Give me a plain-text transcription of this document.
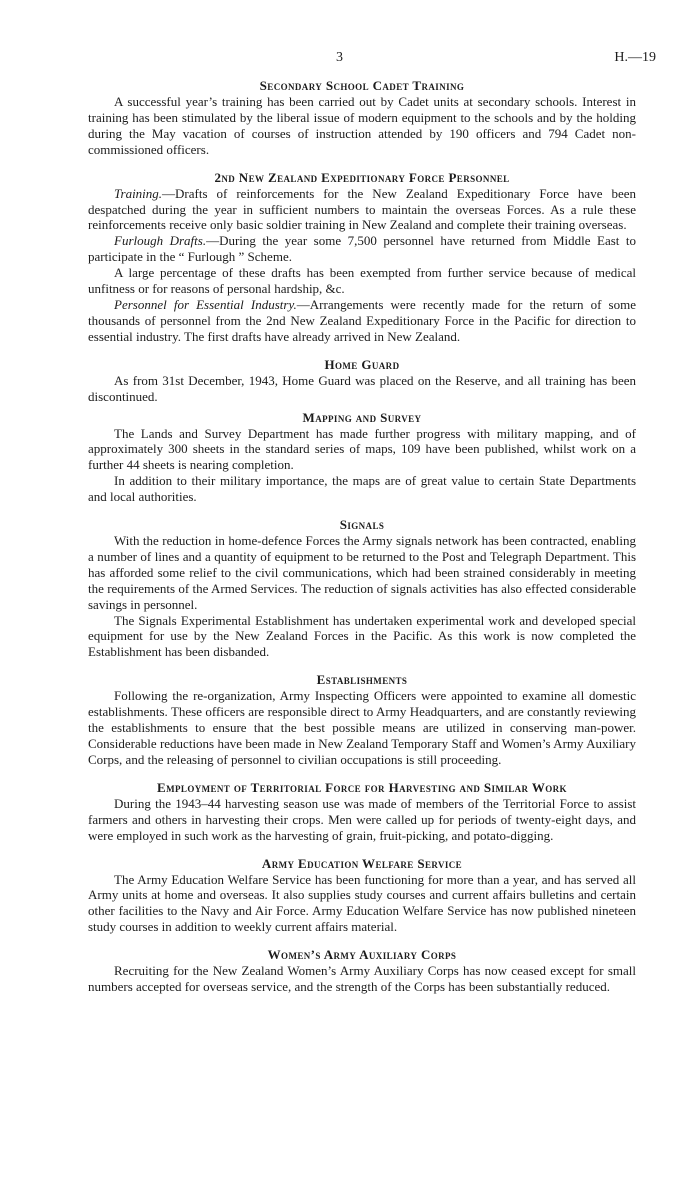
3	H.—19
Secondary School Cadet Training

A successful year’s training has been carried out by Cadet units at secondary schools. Interest in training has been stimulated by the liberal issue of modern equipment to the schools and by the holding during the May vacation of courses of instruction attended by 190 officers and 794 Cadet non-commissioned officers.

2nd New Zealand Expeditionary Force Personnel

Training.—Drafts of reinforcements for the New Zealand Expeditionary Force have been despatched during the year in sufficient numbers to maintain the overseas Forces. As a rule these reinforcements receive only basic soldier training in New Zealand and complete their training overseas.

Furlough Drafts.—During the year some 7,500 personnel have returned from Middle East to participate in the “ Furlough ” Scheme.

A large percentage of these drafts has been exempted from further service because of medical unfitness or for reasons of personal hardship, &c.

Personnel for Essential Industry.—Arrangements were recently made for the return of some thousands of personnel from the 2nd New Zealand Expeditionary Force in the Pacific for direction to essential industry. The first drafts have already arrived in New Zealand.

Home Guard

As from 31st December, 1943, Home Guard was placed on the Reserve, and all training has been discontinued.

Mapping and Survey

The Lands and Survey Department has made further progress with military mapping, and of approximately 300 sheets in the standard series of maps, 109 have been published, whilst work on a further 44 sheets is nearing completion.

In addition to their military importance, the maps are of great value to certain State Departments and local authorities.

Signals

With the reduction in home-defence Forces the Army signals network has been contracted, enabling a number of lines and a quantity of equipment to be returned to the Post and Telegraph Department. This has afforded some relief to the civil communications, which had been strained considerably in meeting the requirements of the Armed Services. The reduction of signals activities has also effected considerable savings in personnel.

The Signals Experimental Establishment has undertaken experimental work and developed special equipment for use by the New Zealand Forces in the Pacific. As this work is now completed the Establishment has been disbanded.

Establishments

Following the re-organization, Army Inspecting Officers were appointed to examine all domestic establishments. These officers are responsible direct to Army Headquarters, and are constantly reviewing the establishments to ensure that the best possible means are utilized in conserving man-power. Considerable reductions have been made in New Zealand Temporary Staff and Women’s Army Auxiliary Corps, and the releasing of personnel to civilian occupations is still proceeding.

Employment of Territorial Force for Harvesting and Similar Work

During the 1943–44 harvesting season use was made of members of the Territorial Force to assist farmers and others in harvesting their crops. Men were called up for periods of twenty-eight days, and were employed in such work as the harvesting of grain, fruit-picking, and potato-digging.

Army Education Welfare Service

The Army Education Welfare Service has been functioning for more than a year, and has served all Army units at home and overseas. It also supplies study courses and current affairs bulletins and certain other facilities to the Navy and Air Force. Army Education Welfare Service has now published nineteen study courses in addition to weekly current affairs material.

Women’s Army Auxiliary Corps

Recruiting for the New Zealand Women’s Army Auxiliary Corps has now ceased except for small numbers accepted for overseas service, and the strength of the Corps has been substantially reduced.
